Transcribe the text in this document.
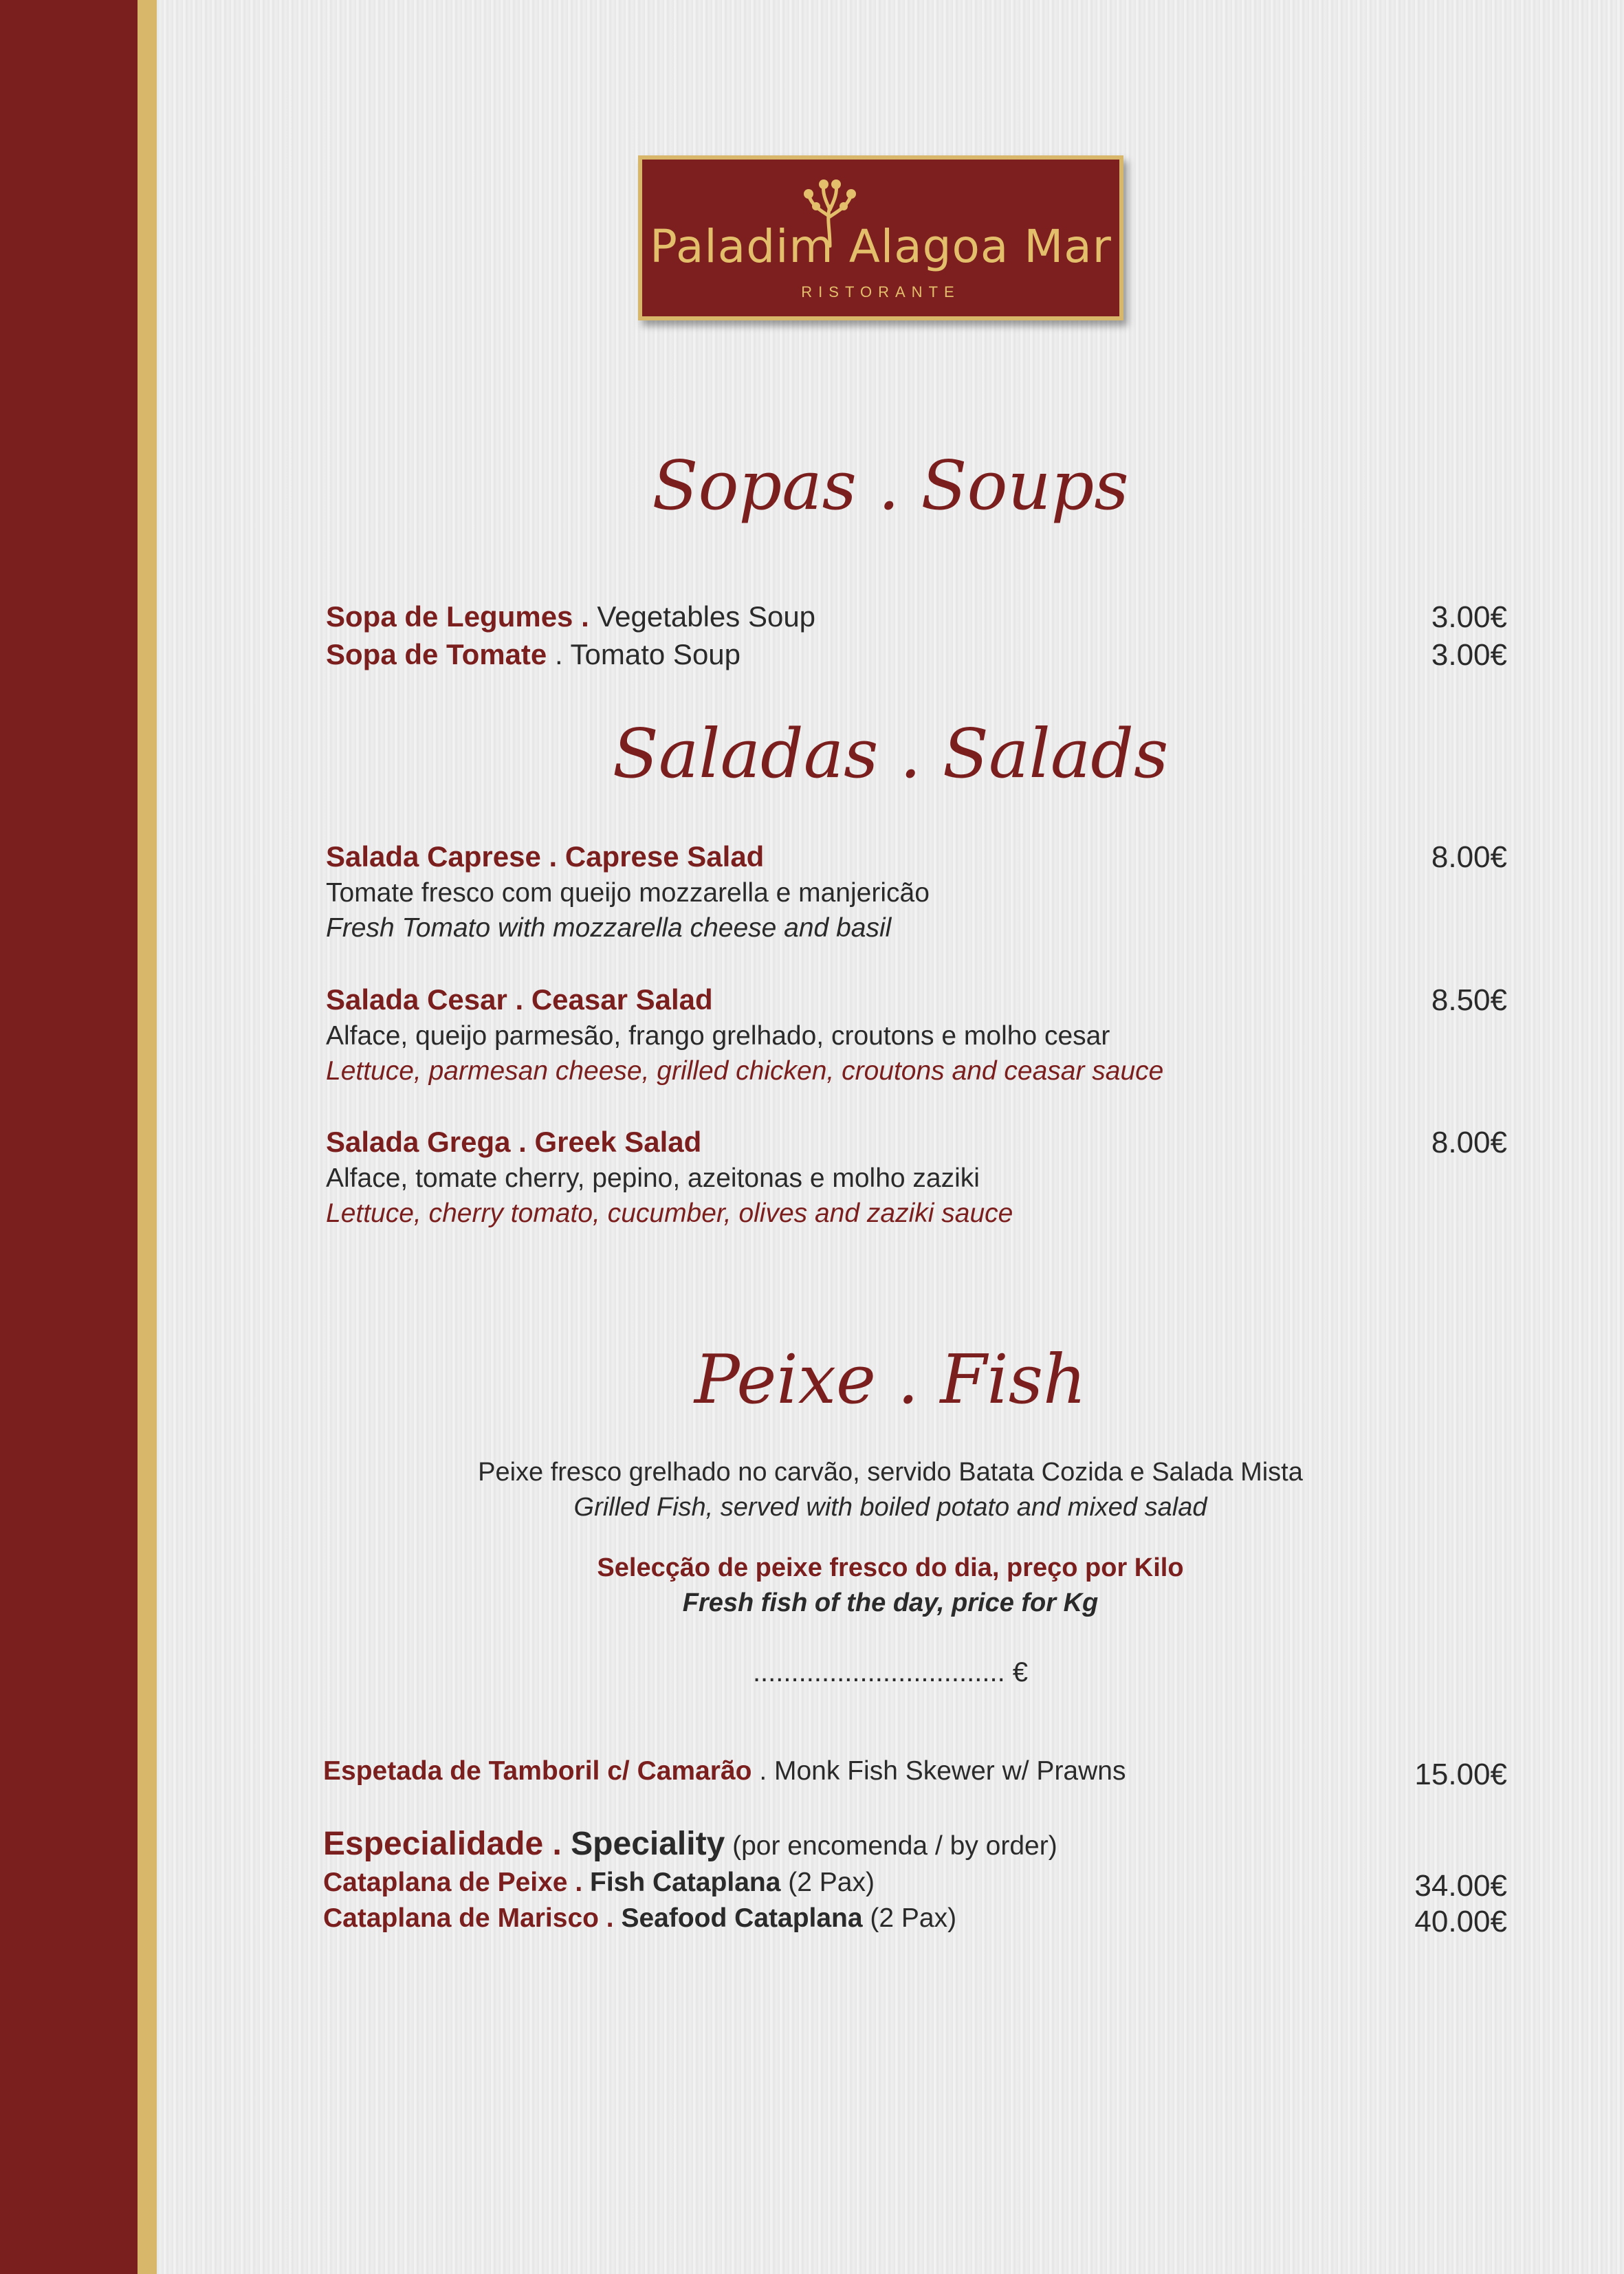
Paladim Alagoa Mar
RISTORANTE
Sopas . Soups
Sopa de Legumes . Vegetables Soup	3.00€
Sopa de Tomate . Tomato Soup	3.00€
Saladas . Salads
Salada Caprese . Caprese Salad	8.00€
Tomate fresco com queijo mozzarella e manjericão
Fresh Tomato with mozzarella cheese and basil
Salada Cesar . Ceasar Salad	8.50€
Alface, queijo parmesão, frango grelhado, croutons e molho cesar
Lettuce, parmesan cheese, grilled chicken, croutons and ceasar sauce
Salada Grega . Greek Salad	8.00€
Alface, tomate cherry, pepino, azeitonas e molho zaziki
Lettuce, cherry tomato, cucumber, olives and zaziki sauce
Peixe . Fish
Peixe fresco grelhado no carvão, servido Batata Cozida e Salada Mista
Grilled Fish, served with boiled potato and mixed salad
Selecção de peixe fresco do dia, preço por Kilo
Fresh fish of the day, price for Kg
................................. €
Espetada de Tamboril c/ Camarão . Monk Fish Skewer w/ Prawns	15.00€
Especialidade . Speciality (por encomenda / by order)
Cataplana de Peixe . Fish Cataplana (2 Pax)	34.00€
Cataplana de Marisco . Seafood Cataplana (2 Pax)	40.00€
